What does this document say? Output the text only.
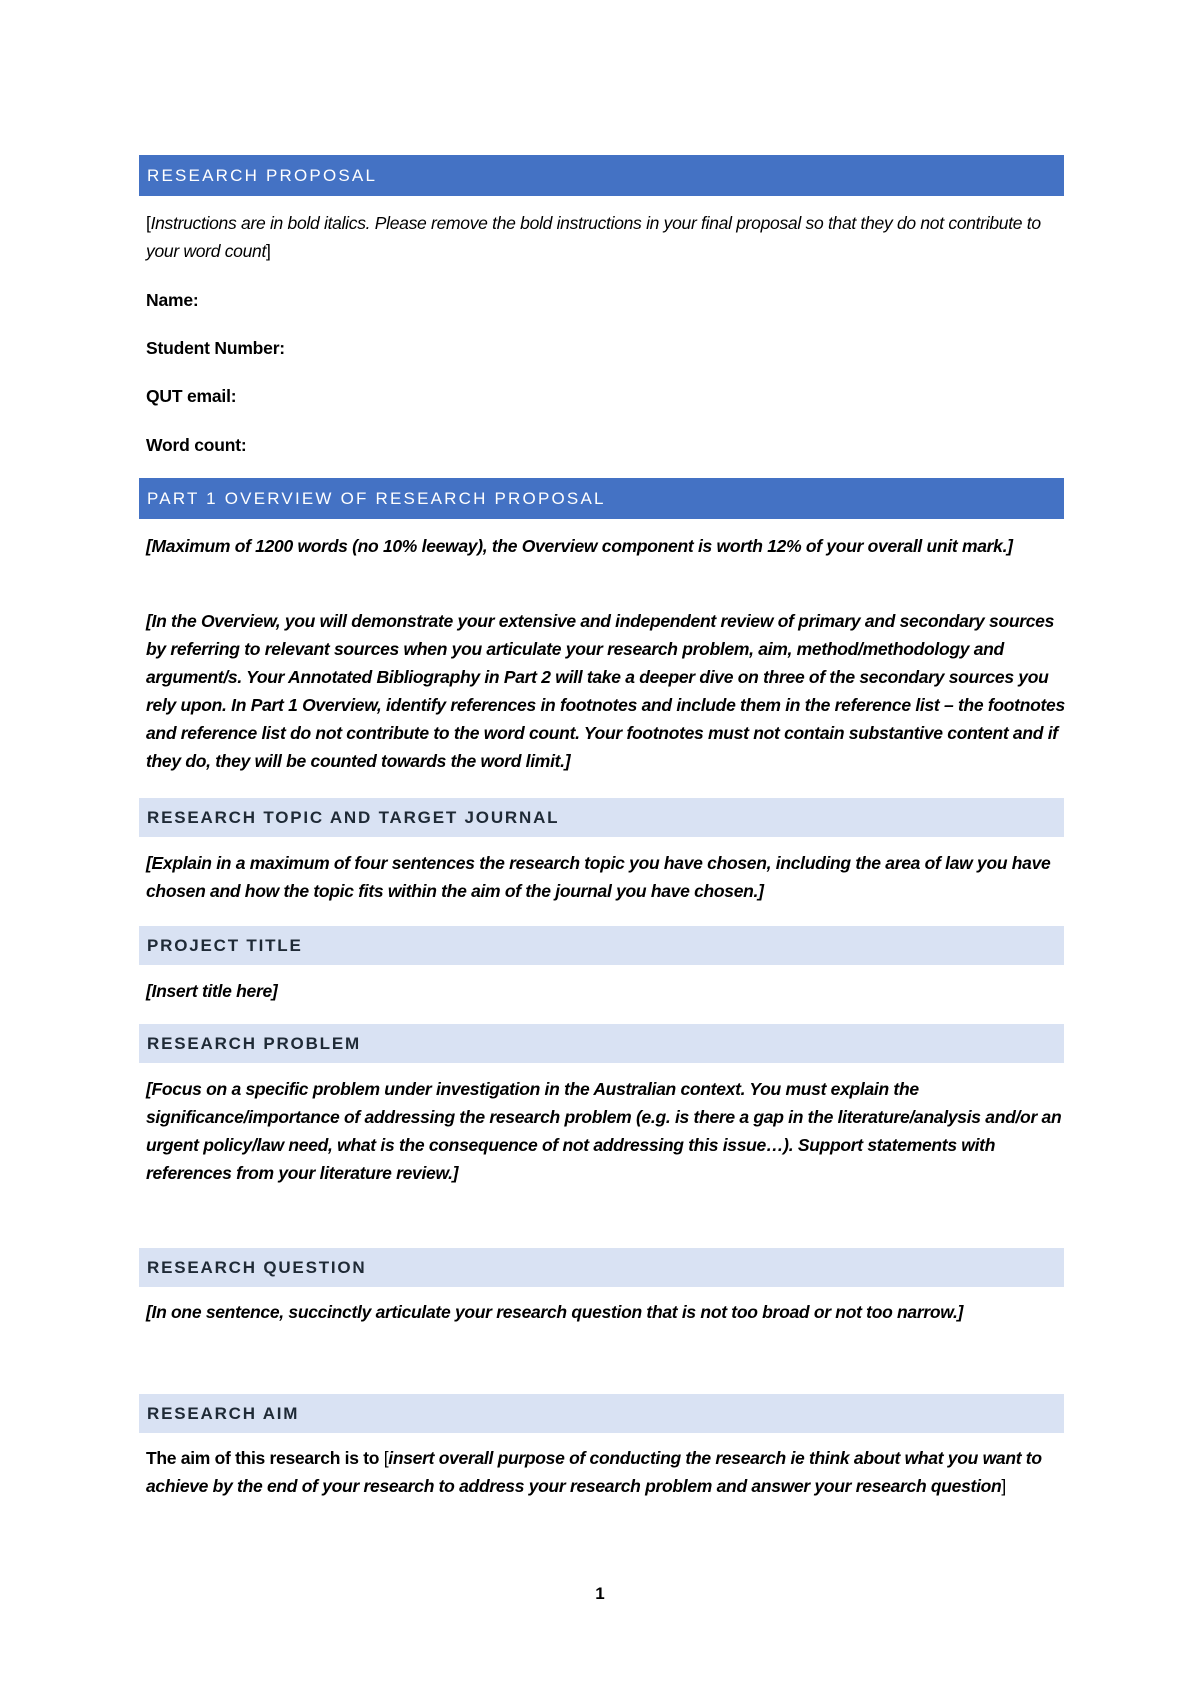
RESEARCH PROPOSAL
[Instructions are in bold italics. Please remove the bold instructions in your final proposal so that they do not contribute to your word count]
Name:
Student Number:
QUT email:
Word count:
PART 1 OVERVIEW OF RESEARCH PROPOSAL
[Maximum of 1200 words (no 10% leeway), the Overview component is worth 12% of your overall unit mark.]
[In the Overview, you will demonstrate your extensive and independent review of primary and secondary sources by referring to relevant sources when you articulate your research problem, aim, method/methodology and argument/s. Your Annotated Bibliography in Part 2 will take a deeper dive on three of the secondary sources you rely upon. In Part 1 Overview, identify references in footnotes and include them in the reference list – the footnotes and reference list do not contribute to the word count. Your footnotes must not contain substantive content and if they do, they will be counted towards the word limit.]
RESEARCH TOPIC AND TARGET JOURNAL
[Explain in a maximum of four sentences the research topic you have chosen, including the area of law you have chosen and how the topic fits within the aim of the journal you have chosen.]
PROJECT TITLE
[Insert title here]
RESEARCH PROBLEM
[Focus on a specific problem under investigation in the Australian context. You must explain the significance/importance of addressing the research problem (e.g. is there a gap in the literature/analysis and/or an urgent policy/law need, what is the consequence of not addressing this issue…). Support statements with references from your literature review.]
RESEARCH QUESTION
[In one sentence, succinctly articulate your research question that is not too broad or not too narrow.]
RESEARCH AIM
The aim of this research is to [insert overall purpose of conducting the research ie think about what you want to achieve by the end of your research to address your research problem and answer your research question]
1
